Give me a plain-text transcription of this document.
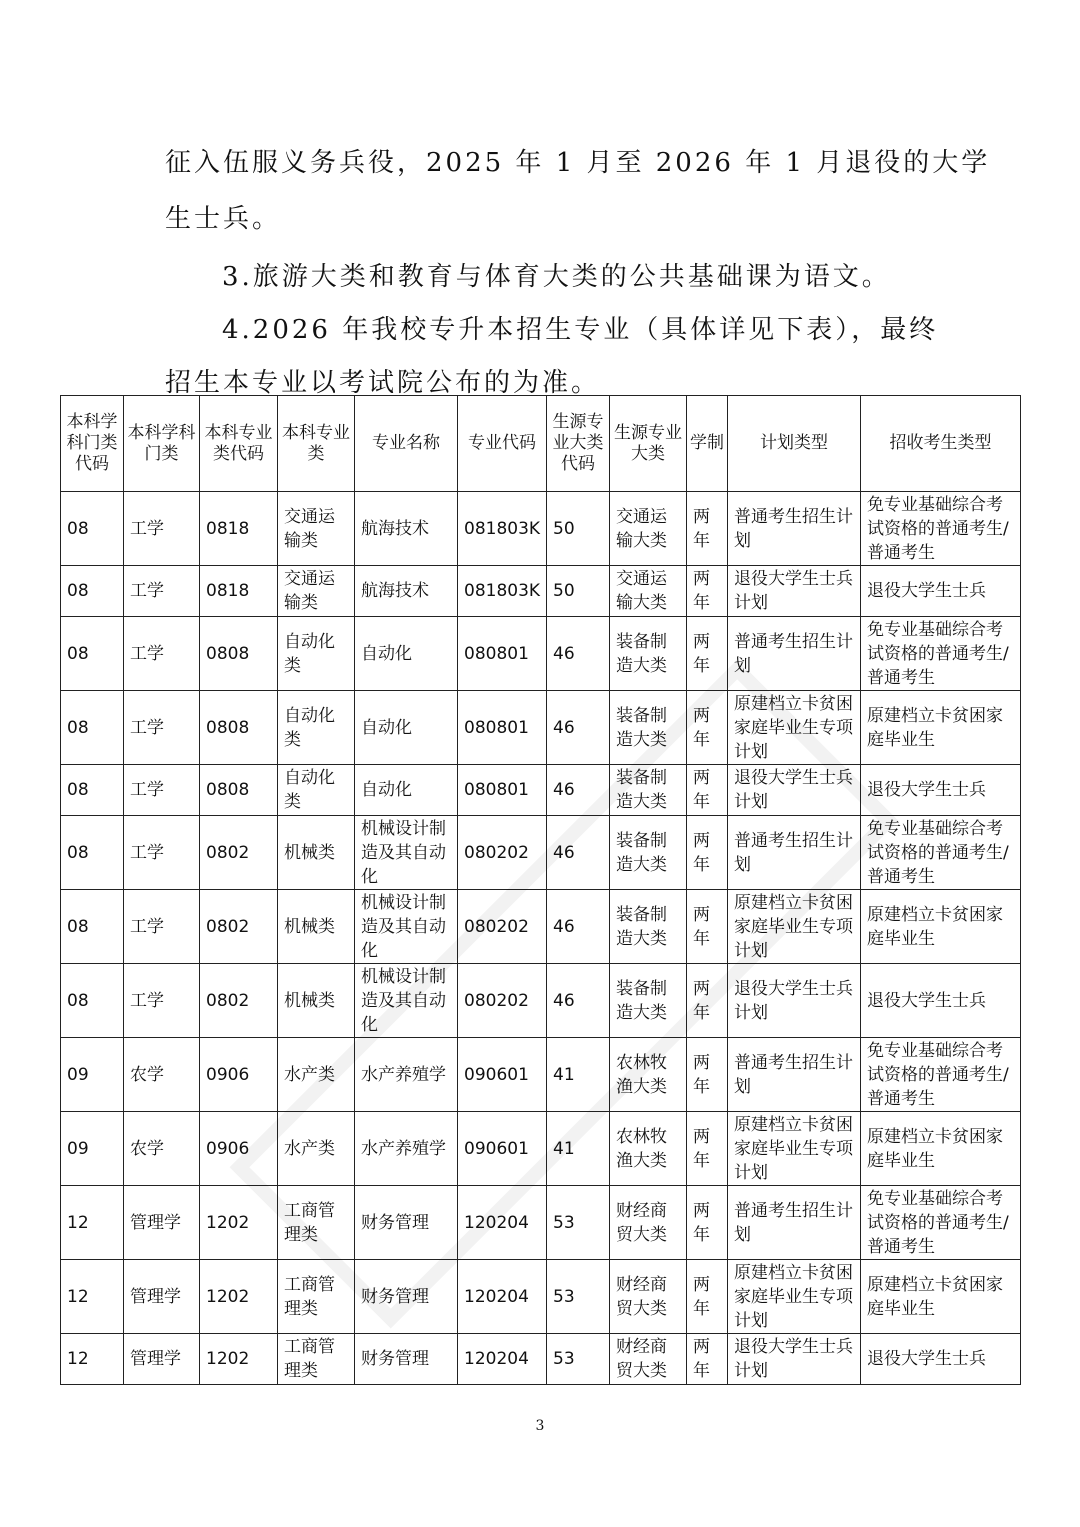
征入伍服义务兵役，2025 年 1 月至 2026 年 1 月退役的大学

生士兵。

3.旅游大类和教育与体育大类的公共基础课为语文。

4.2026 年我校专升本招生专业（具体详见下表），最终

招生本专业以考试院公布的为准。

本科学科门类代码	本科学科门类	本科专业类代码	本科专业类	专业名称	专业代码	生源专业大类代码	生源专业大类	学制	计划类型	招收考生类型
08	工学	0818	交通运输类	航海技术	081803K	50	交通运输大类	两年	普通考生招生计划	免专业基础综合考试资格的普通考生/普通考生
08	工学	0818	交通运输类	航海技术	081803K	50	交通运输大类	两年	退役大学生士兵计划	退役大学生士兵
08	工学	0808	自动化类	自动化	080801	46	装备制造大类	两年	普通考生招生计划	免专业基础综合考试资格的普通考生/普通考生
08	工学	0808	自动化类	自动化	080801	46	装备制造大类	两年	原建档立卡贫困家庭毕业生专项计划	原建档立卡贫困家庭毕业生
08	工学	0808	自动化类	自动化	080801	46	装备制造大类	两年	退役大学生士兵计划	退役大学生士兵
08	工学	0802	机械类	机械设计制造及其自动化	080202	46	装备制造大类	两年	普通考生招生计划	免专业基础综合考试资格的普通考生/普通考生
08	工学	0802	机械类	机械设计制造及其自动化	080202	46	装备制造大类	两年	原建档立卡贫困家庭毕业生专项计划	原建档立卡贫困家庭毕业生
08	工学	0802	机械类	机械设计制造及其自动化	080202	46	装备制造大类	两年	退役大学生士兵计划	退役大学生士兵
09	农学	0906	水产类	水产养殖学	090601	41	农林牧渔大类	两年	普通考生招生计划	免专业基础综合考试资格的普通考生/普通考生
09	农学	0906	水产类	水产养殖学	090601	41	农林牧渔大类	两年	原建档立卡贫困家庭毕业生专项计划	原建档立卡贫困家庭毕业生
12	管理学	1202	工商管理类	财务管理	120204	53	财经商贸大类	两年	普通考生招生计划	免专业基础综合考试资格的普通考生/普通考生
12	管理学	1202	工商管理类	财务管理	120204	53	财经商贸大类	两年	原建档立卡贫困家庭毕业生专项计划	原建档立卡贫困家庭毕业生
12	管理学	1202	工商管理类	财务管理	120204	53	财经商贸大类	两年	退役大学生士兵计划	退役大学生士兵
3
